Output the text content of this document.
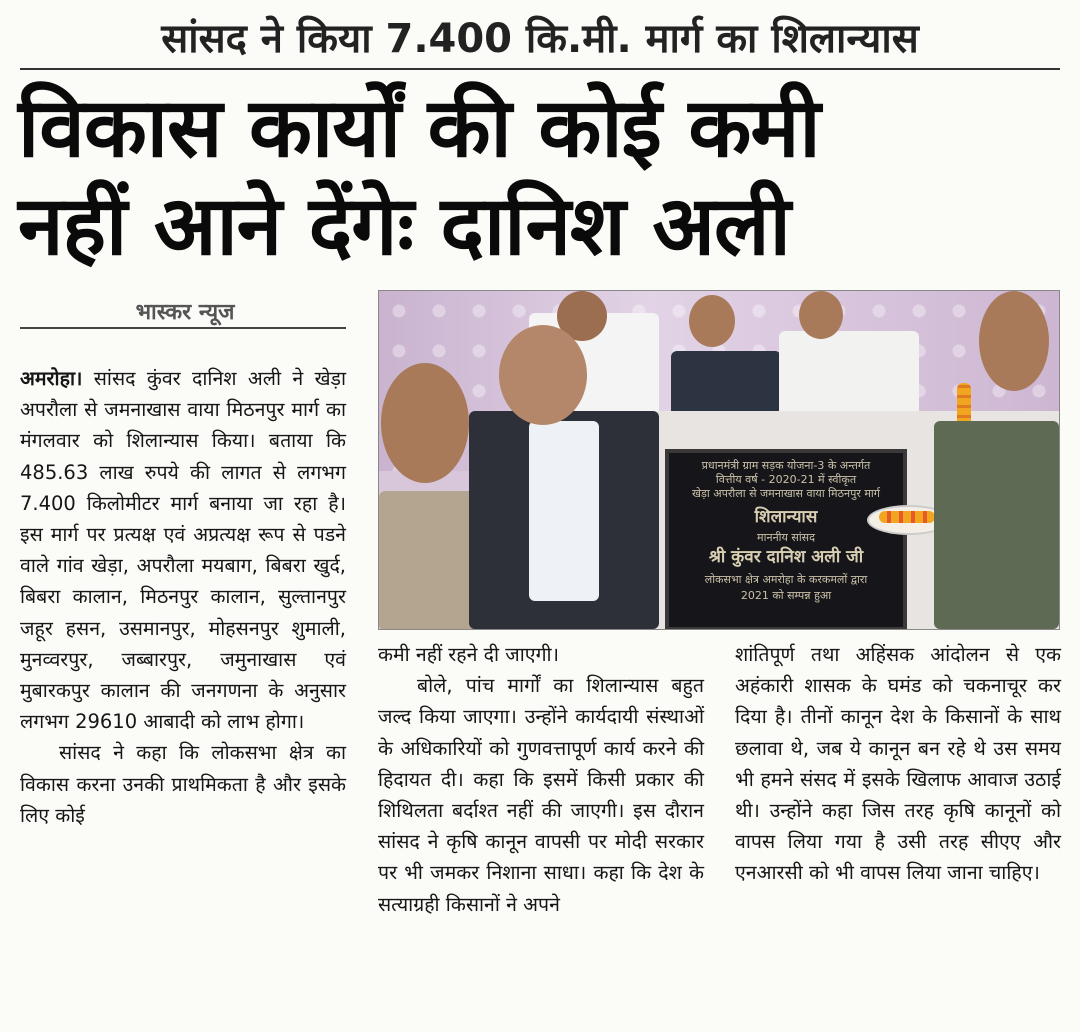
सांसद ने किया 7.400 कि.मी. मार्ग का शिलान्यास
विकास कार्यों की कोई कमी
नहीं आने देंगेः दानिश अली
भास्कर न्यूज

अमरोहा। सांसद कुंवर दानिश अली ने खेड़ा अपरौला से जमनाखास वाया मिठनपुर मार्ग का मंगलवार को शिलान्यास किया। बताया कि 485.63 लाख रुपये की लागत से लगभग 7.400 किलोमीटर मार्ग बनाया जा रहा है। इस मार्ग पर प्रत्यक्ष एवं अप्रत्यक्ष रूप से पडने वाले गांव खेड़ा, अपरौला मयबाग, बिबरा खुर्द, बिबरा कालान, मिठनपुर कालान, सुल्तानपुर जहूर हसन, उसमानपुर, मोहसनपुर शुमाली, मुनव्वरपुर, जब्बारपुर, जमुनाखास एवं मुबारकपुर कालान की जनगणना के अनुसार लगभग 29610 आबादी को लाभ होगा।

सांसद ने कहा कि लोकसभा क्षेत्र का विकास करना उनकी प्राथमिकता है और इसके लिए कोई

प्रधानमंत्री ग्राम सड़क योजना-3 के अन्तर्गत
वित्तीय वर्ष - 2020-21 में स्वीकृत
खेड़ा अपरौला से जमनाखास वाया मिठनपुर मार्ग
शिलान्यास
माननीय सांसद
श्री कुंवर दानिश अली जी
लोकसभा क्षेत्र अमरोहा के करकमलों द्वारा
2021 को सम्पन्न हुआ

कमी नहीं रहने दी जाएगी।

बोले, पांच मार्गों का शिलान्यास बहुत जल्द किया जाएगा। उन्होंने कार्यदायी संस्थाओं के अधिकारियों को गुणवत्तापूर्ण कार्य करने की हिदायत दी। कहा कि इसमें किसी प्रकार की शिथिलता बर्दाश्त नहीं की जाएगी। इस दौरान सांसद ने कृषि कानून वापसी पर मोदी सरकार पर भी जमकर निशाना साधा। कहा कि देश के सत्याग्रही किसानों ने अपने

शांतिपूर्ण तथा अहिंसक आंदोलन से एक अहंकारी शासक के घमंड को चकनाचूर कर दिया है। तीनों कानून देश के किसानों के साथ छलावा थे, जब ये कानून बन रहे थे उस समय भी हमने संसद में इसके खिलाफ आवाज उठाई थी। उन्होंने कहा जिस तरह कृषि कानूनों को वापस लिया गया है उसी तरह सीएए और एनआरसी को भी वापस लिया जाना चाहिए।
